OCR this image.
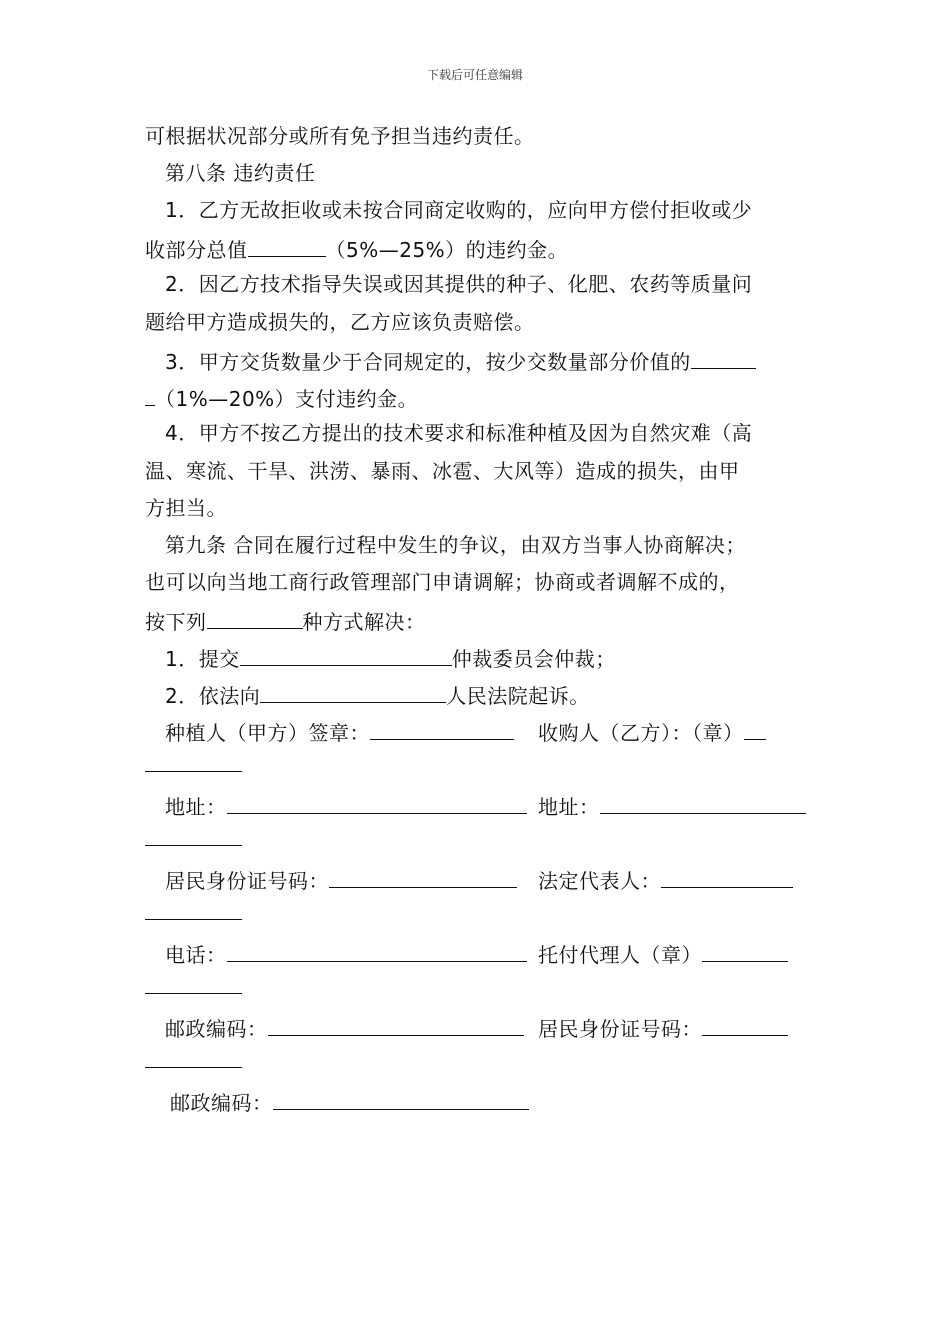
下载后可任意编辑
可根据状况部分或所有免予担当违约责任。
第八条 违约责任
1．乙方无故拒收或未按合同商定收购的，应向甲方偿付拒收或少
收部分总值	（5%—25%）的违约金。
2．因乙方技术指导失误或因其提供的种子、化肥、农药等质量问
题给甲方造成损失的，乙方应该负责赔偿。
3．甲方交货数量少于合同规定的，按少交数量部分价值的
（1%—20%）支付违约金。
4．甲方不按乙方提出的技术要求和标准种植及因为自然灾难（高
温、寒流、干旱、洪涝、暴雨、冰雹、大风等）造成的损失，由甲
方担当。
第九条 合同在履行过程中发生的争议，由双方当事人协商解决；
也可以向当地工商行政管理部门申请调解；协商或者调解不成的，
按下列	种方式解决：
1．提交	仲裁委员会仲裁；
2．依法向	人民法院起诉。
种植人（甲方）签章：	收购人（乙方）：（章）
地址：	地址：
居民身份证号码：	法定代表人：
电话：	托付代理人（章）
邮政编码：	居民身份证号码：
邮政编码：
